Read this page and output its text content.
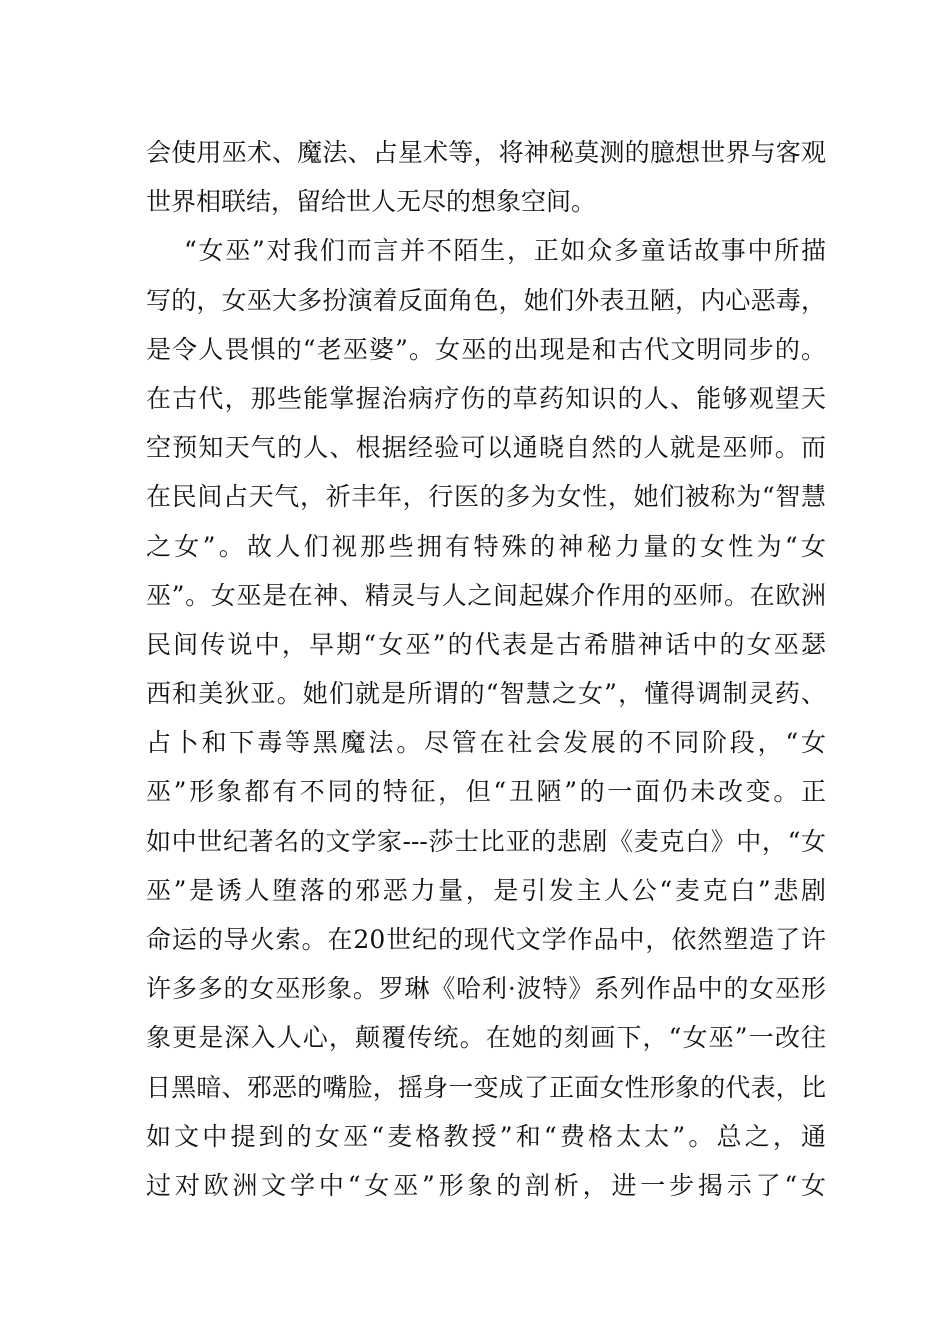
会使用巫术、魔法、占星术等，将神秘莫测的臆想世界与客观
世界相联结，留给世人无尽的想象空间。
“女巫”对我们而言并不陌生，正如众多童话故事中所描
写的，女巫大多扮演着反面角色，她们外表丑陋，内心恶毒，
是令人畏惧的“老巫婆”。女巫的出现是和古代文明同步的。
在古代，那些能掌握治病疗伤的草药知识的人、能够观望天
空预知天气的人、根据经验可以通晓自然的人就是巫师。而
在民间占天气，祈丰年，行医的多为女性，她们被称为“智慧
之女”。故人们视那些拥有特殊的神秘力量的女性为“女
巫”。女巫是在神、精灵与人之间起媒介作用的巫师。在欧洲
民间传说中，早期“女巫”的代表是古希腊神话中的女巫瑟
西和美狄亚。她们就是所谓的“智慧之女”，懂得调制灵药、
占卜和下毒等黑魔法。尽管在社会发展的不同阶段，“女
巫”形象都有不同的特征，但“丑陋”的一面仍未改变。正
如中世纪著名的文学家---莎士比亚的悲剧《麦克白》中，“女
巫”是诱人堕落的邪恶力量，是引发主人公“麦克白”悲剧
命运的导火索。在20世纪的现代文学作品中，依然塑造了许
许多多的女巫形象。罗琳《哈利·波特》系列作品中的女巫形
象更是深入人心，颠覆传统。在她的刻画下，“女巫”一改往
日黑暗、邪恶的嘴脸，摇身一变成了正面女性形象的代表，比
如文中提到的女巫“麦格教授”和“费格太太”。总之，通
过对欧洲文学中“女巫”形象的剖析，进一步揭示了“女
